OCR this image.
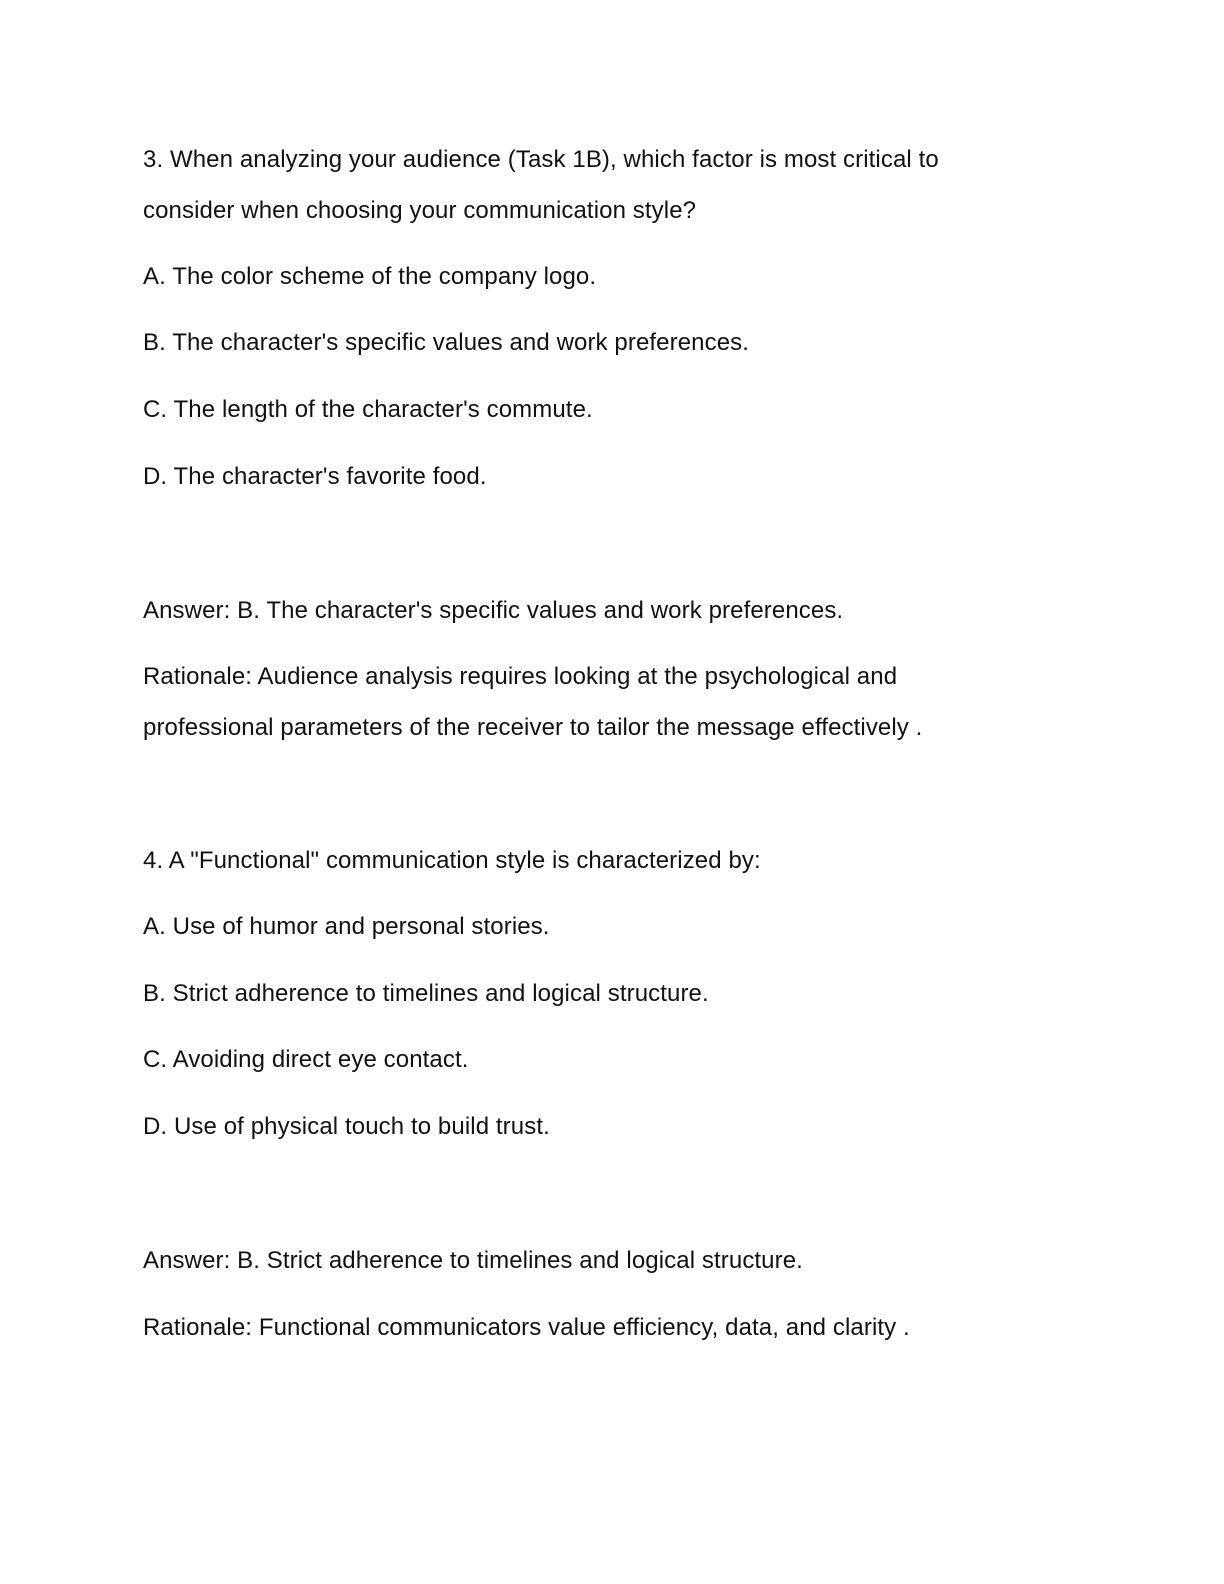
3. When analyzing your audience (Task 1B), which factor is most critical to
consider when choosing your communication style?
A. The color scheme of the company logo.
B. The character's specific values and work preferences.
C. The length of the character's commute.
D. The character's favorite food.
Answer: B. The character's specific values and work preferences.
Rationale: Audience analysis requires looking at the psychological and
professional parameters of the receiver to tailor the message effectively .
4. A "Functional" communication style is characterized by:
A. Use of humor and personal stories.
B. Strict adherence to timelines and logical structure.
C. Avoiding direct eye contact.
D. Use of physical touch to build trust.
Answer: B. Strict adherence to timelines and logical structure.
Rationale: Functional communicators value efficiency, data, and clarity .
